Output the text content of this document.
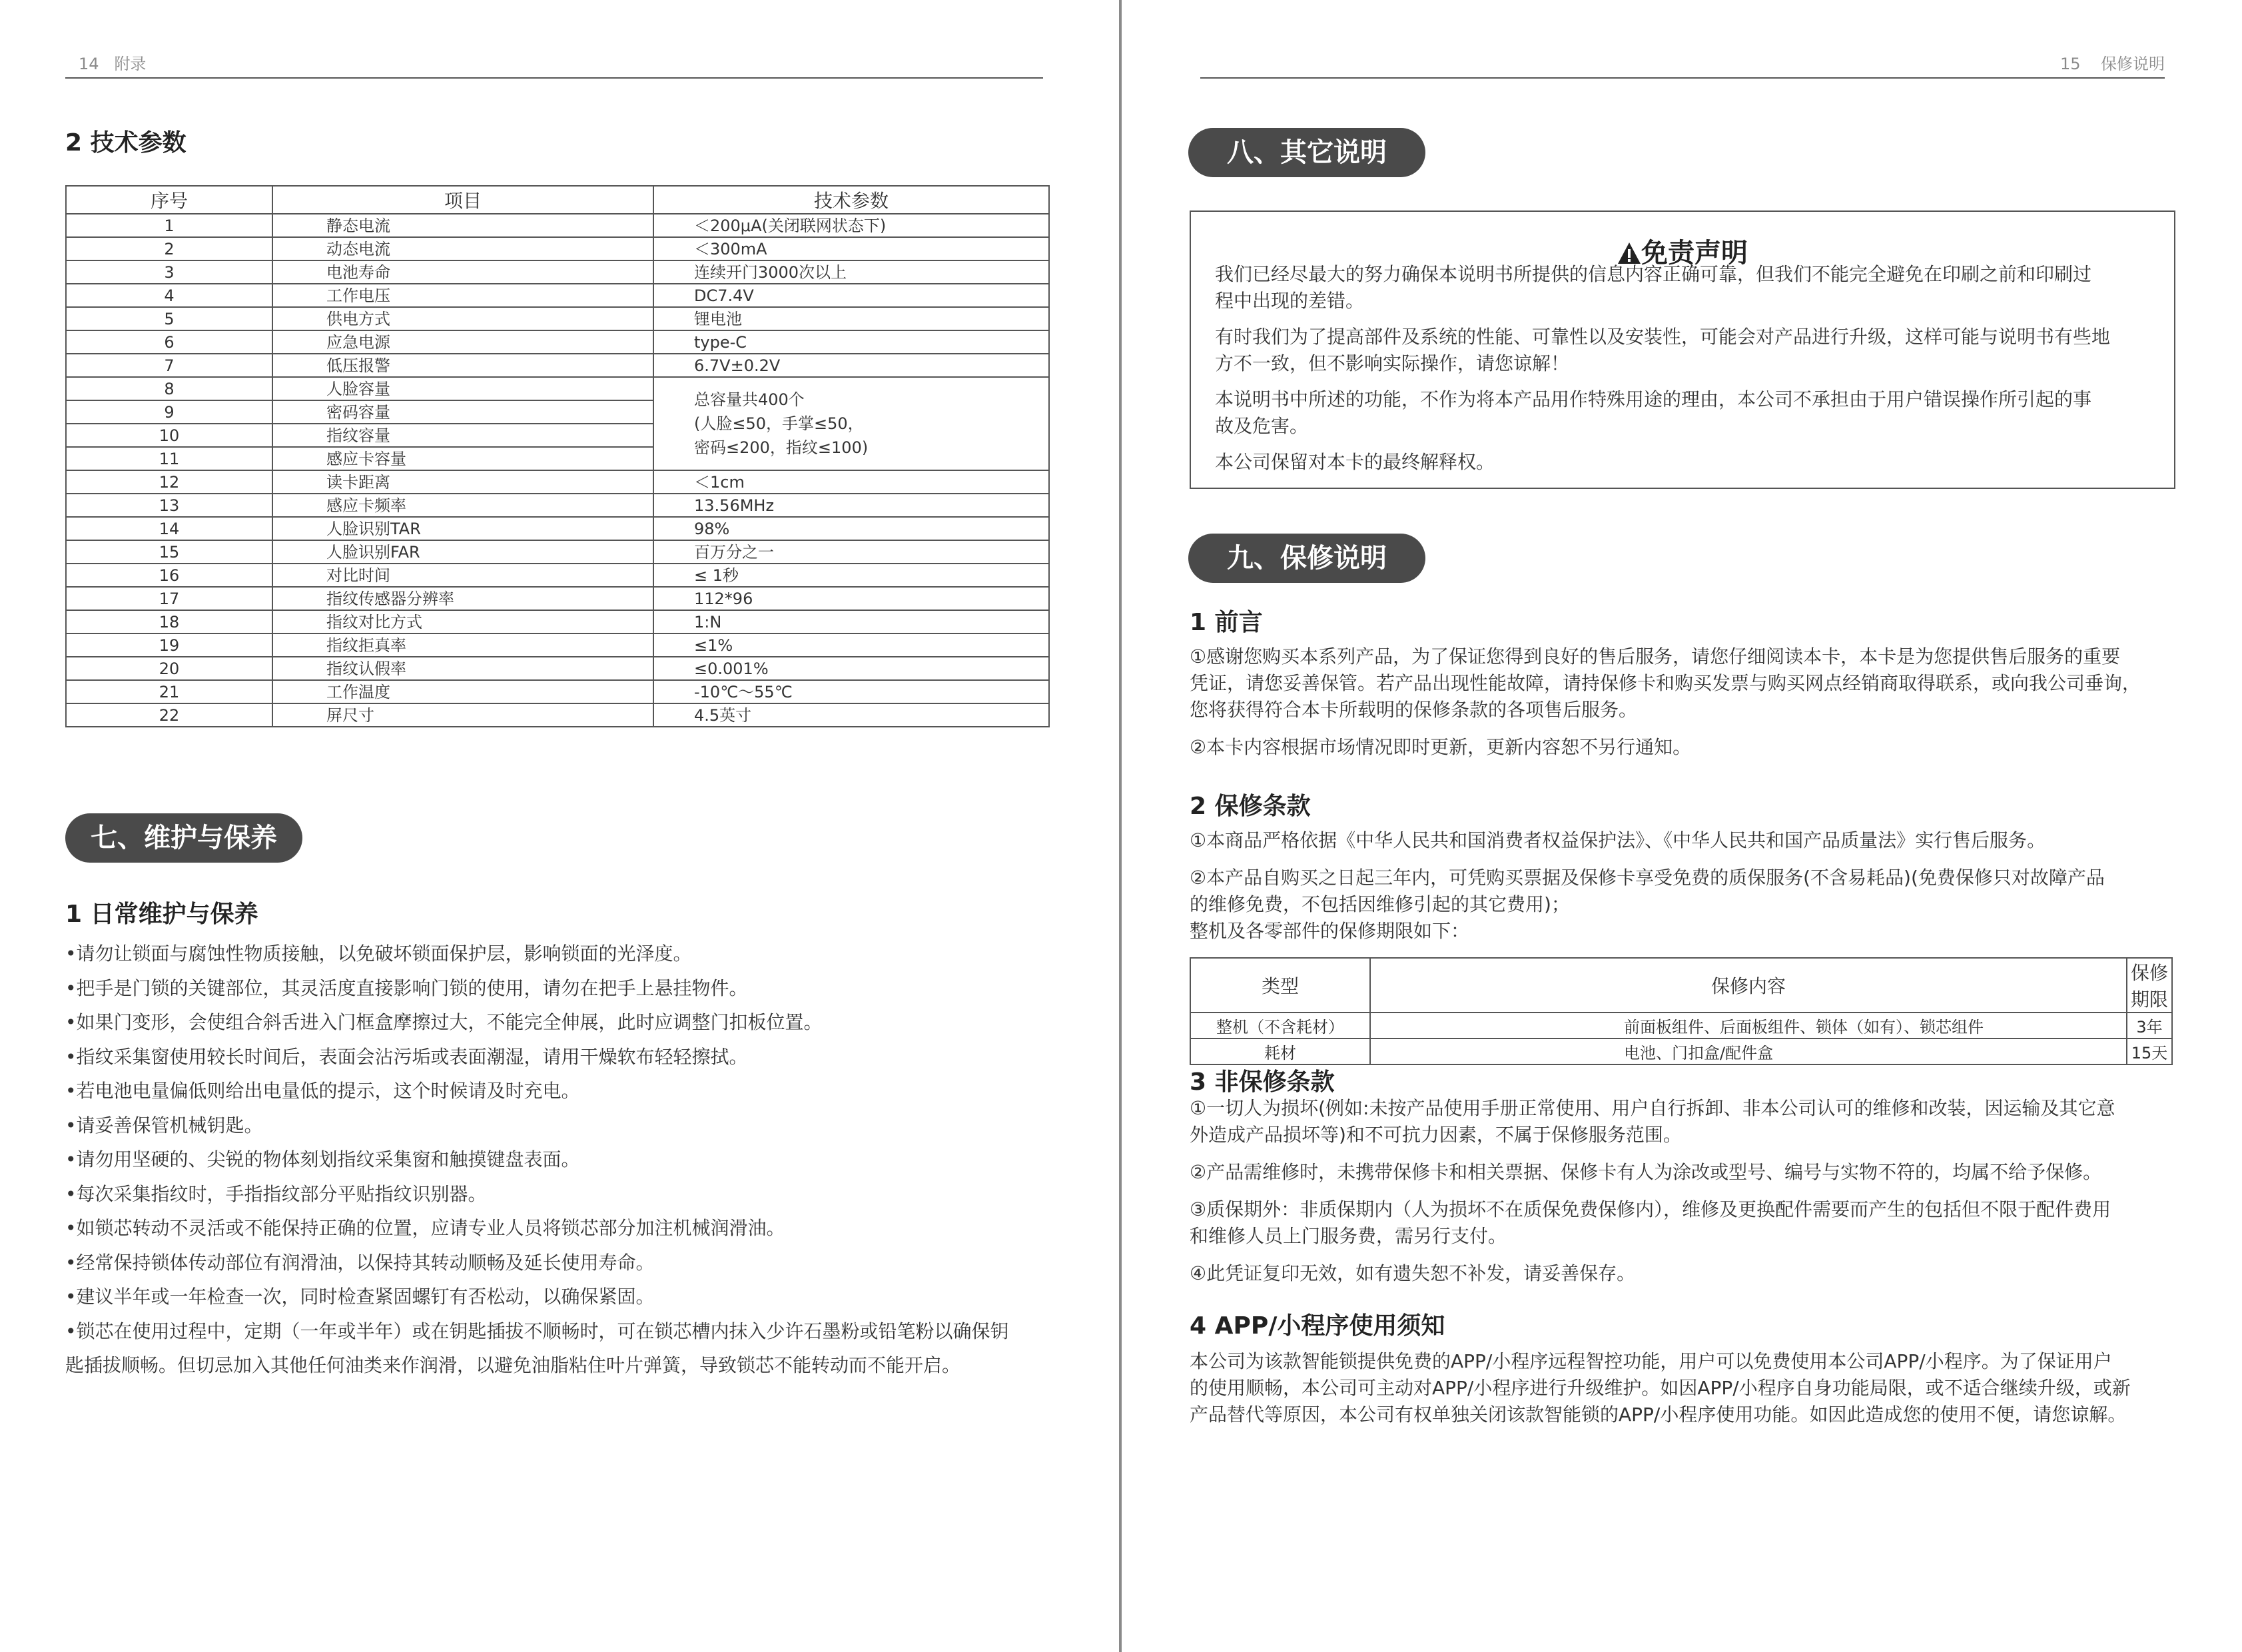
14 附录
2 技术参数
序号	项目	技术参数
1	静态电流	＜200μA(关闭联网状态下)
2	动态电流	＜300mA
3	电池寿命	连续开门3000次以上
4	工作电压	DC7.4V
5	供电方式	锂电池
6	应急电源	type-C
7	低压报警	6.7V±0.2V
8	人脸容量	总容量共400个
(人脸≤50，手掌≤50，
密码≤200，指纹≤100)

9	密码容量	
10	指纹容量	
11	感应卡容量	
12	读卡距离	＜1cm
13	感应卡频率	13.56MHz
14	人脸识别TAR	98%
15	人脸识别FAR	百万分之一
16	对比时间	≤ 1秒
17	指纹传感器分辨率	112*96
18	指纹对比方式	1:N
19	指纹拒真率	≤1%
20	指纹认假率	≤0.001%
21	工作温度	-10℃～55℃
22	屏尺寸	4.5英寸
七、维护与保养
1 日常维护与保养
•请勿让锁面与腐蚀性物质接触，以免破坏锁面保护层，影响锁面的光泽度。
•把手是门锁的关键部位，其灵活度直接影响门锁的使用，请勿在把手上悬挂物件。
•如果门变形，会使组合斜舌进入门框盒摩擦过大，不能完全伸展，此时应调整门扣板位置。
•指纹采集窗使用较长时间后，表面会沾污垢或表面潮湿，请用干燥软布轻轻擦拭。
•若电池电量偏低则给出电量低的提示，这个时候请及时充电。
•请妥善保管机械钥匙。
•请勿用坚硬的、尖锐的物体刻划指纹采集窗和触摸键盘表面。
•每次采集指纹时，手指指纹部分平贴指纹识别器。
•如锁芯转动不灵活或不能保持正确的位置，应请专业人员将锁芯部分加注机械润滑油。
•经常保持锁体传动部位有润滑油，以保持其转动顺畅及延长使用寿命。
•建议半年或一年检查一次，同时检查紧固螺钉有否松动，以确保紧固。
•锁芯在使用过程中，定期（一年或半年）或在钥匙插拔不顺畅时，可在锁芯槽内抹入少许石墨粉或铅笔粉以确保钥
匙插拔顺畅。但切忌加入其他任何油类来作润滑，以避免油脂粘住叶片弹簧，导致锁芯不能转动而不能开启。
15 保修说明
八、其它说明
免责声明
我们已经尽最大的努力确保本说明书所提供的信息内容正确可靠，但我们不能完全避免在印刷之前和印刷过
程中出现的差错。
有时我们为了提高部件及系统的性能、可靠性以及安装性，可能会对产品进行升级，这样可能与说明书有些地
方不一致，但不影响实际操作，请您谅解！
本说明书中所述的功能，不作为将本产品用作特殊用途的理由，本公司不承担由于用户错误操作所引起的事
故及危害。
本公司保留对本卡的最终解释权。
九、保修说明
1 前言
①感谢您购买本系列产品，为了保证您得到良好的售后服务，请您仔细阅读本卡，本卡是为您提供售后服务的重要
凭证，请您妥善保管。若产品出现性能故障，请持保修卡和购买发票与购买网点经销商取得联系，或向我公司垂询，
您将获得符合本卡所载明的保修条款的各项售后服务。
②本卡内容根据市场情况即时更新，更新内容恕不另行通知。
2 保修条款
①本商品严格依据《中华人民共和国消费者权益保护法》、《中华人民共和国产品质量法》实行售后服务。
②本产品自购买之日起三年内，可凭购买票据及保修卡享受免费的质保服务(不含易耗品)(免费保修只对故障产品
的维修免费，不包括因维修引起的其它费用)；
整机及各零部件的保修期限如下：
类型	保修内容	保修期限
整机（不含耗材）	前面板组件、后面板组件、锁体（如有）、锁芯组件	3年
耗材	电池、门扣盒/配件盒	15天
3 非保修条款
①一切人为损坏(例如:未按产品使用手册正常使用、用户自行拆卸、非本公司认可的维修和改装，因运输及其它意
外造成产品损坏等)和不可抗力因素，不属于保修服务范围。
②产品需维修时，未携带保修卡和相关票据、保修卡有人为涂改或型号、编号与实物不符的，均属不给予保修。
③质保期外：非质保期内（人为损坏不在质保免费保修内），维修及更换配件需要而产生的包括但不限于配件费用
和维修人员上门服务费，需另行支付。
④此凭证复印无效，如有遗失恕不补发，请妥善保存。
4 APP/小程序使用须知
本公司为该款智能锁提供免费的APP/小程序远程智控功能，用户可以免费使用本公司APP/小程序。为了保证用户
的使用顺畅，本公司可主动对APP/小程序进行升级维护。如因APP/小程序自身功能局限，或不适合继续升级，或新
产品替代等原因，本公司有权单独关闭该款智能锁的APP/小程序使用功能。如因此造成您的使用不便，请您谅解。
